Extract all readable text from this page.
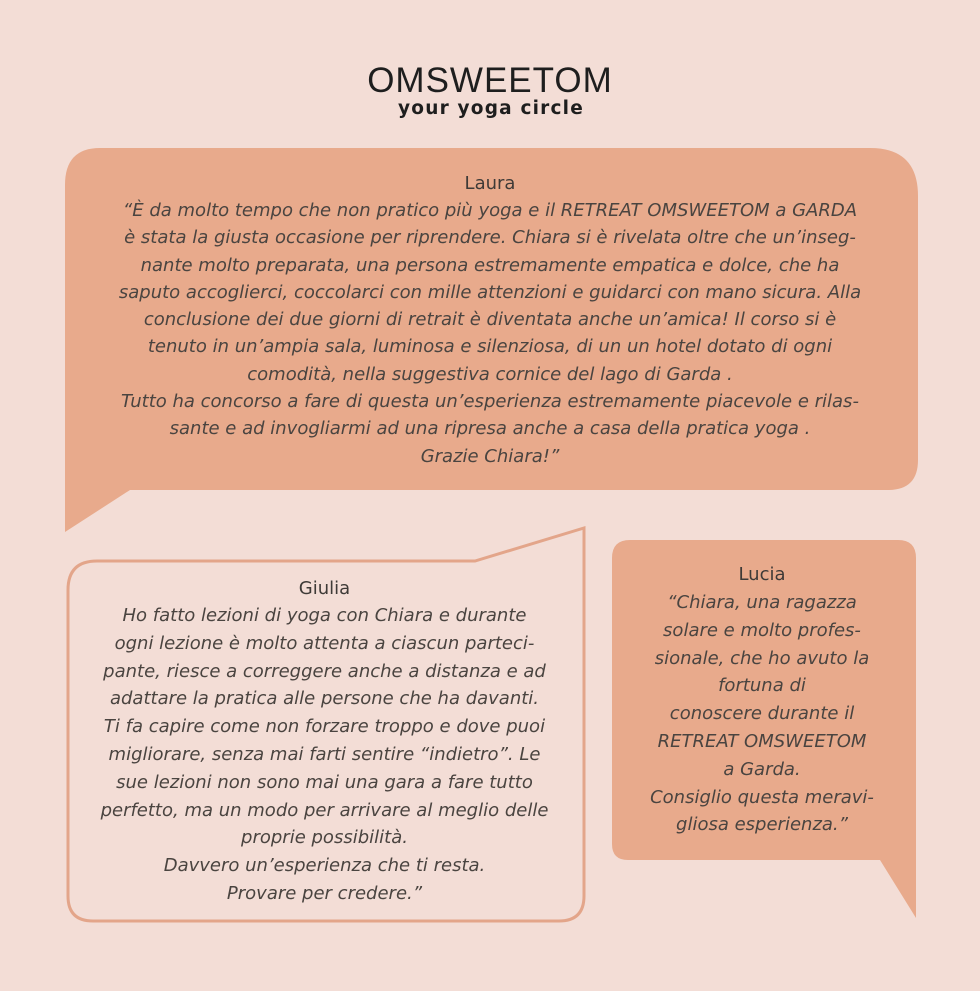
OMSWEETOM
your yoga circle
Laura
“È da molto tempo che non pratico più yoga e il RETREAT OMSWEETOM a GARDA
è stata la giusta occasione per riprendere. Chiara si è rivelata oltre che un’inseg-
nante molto preparata, una persona estremamente empatica e dolce, che ha
saputo accoglierci, coccolarci con mille attenzioni e guidarci con mano sicura. Alla
conclusione dei due giorni di retrait è diventata anche un’amica! Il corso si è
tenuto in un’ampia sala, luminosa e silenziosa, di un un hotel dotato di ogni
comodità, nella suggestiva cornice del lago di Garda .
Tutto ha concorso a fare di questa un’esperienza estremamente piacevole e rilas-
sante e ad invogliarmi ad una ripresa anche a casa della pratica yoga .
Grazie Chiara!”
Giulia
Ho fatto lezioni di yoga con Chiara e durante
ogni lezione è molto attenta a ciascun parteci-
pante, riesce a correggere anche a distanza e ad
adattare la pratica alle persone che ha davanti.
Ti fa capire come non forzare troppo e dove puoi
migliorare, senza mai farti sentire “indietro”. Le
sue lezioni non sono mai una gara a fare tutto
perfetto, ma un modo per arrivare al meglio delle
proprie possibilità.
Davvero un’esperienza che ti resta.
Provare per credere.”
Lucia
“Chiara, una ragazza
solare e molto profes-
sionale, che ho avuto la
fortuna di
conoscere durante il
RETREAT OMSWEETOM
a Garda.
Consiglio questa meravi-
gliosa esperienza.”
